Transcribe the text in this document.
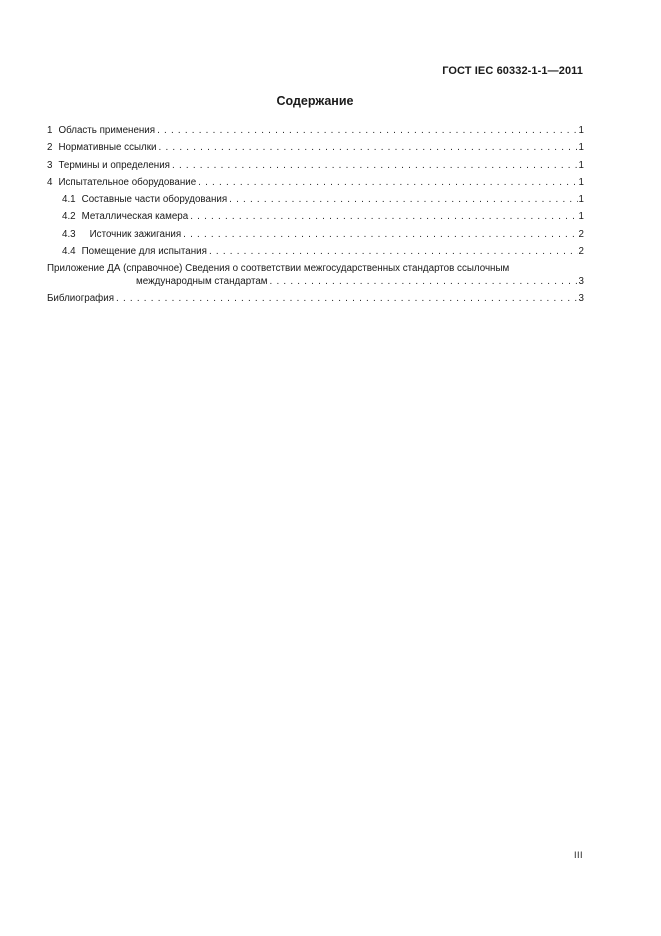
ГОСТ IEC 60332-1-1—2011
Содержание
1 Область применения . . .	1
2 Нормативные ссылки . . .	1
3 Термины и определения . . .	1
4 Испытательное оборудование . . .	1
4.1 Составные части оборудования . . .	1
4.2 Металлическая камера . . .	1
4.3 Источник зажигания . . .	2
4.4 Помещение для испытания . . .	2
Приложение ДА (справочное) Сведения о соответствии межгосударственных стандартов ссылочным
международным стандартам . . .	3
Библиография . . .	3
III
